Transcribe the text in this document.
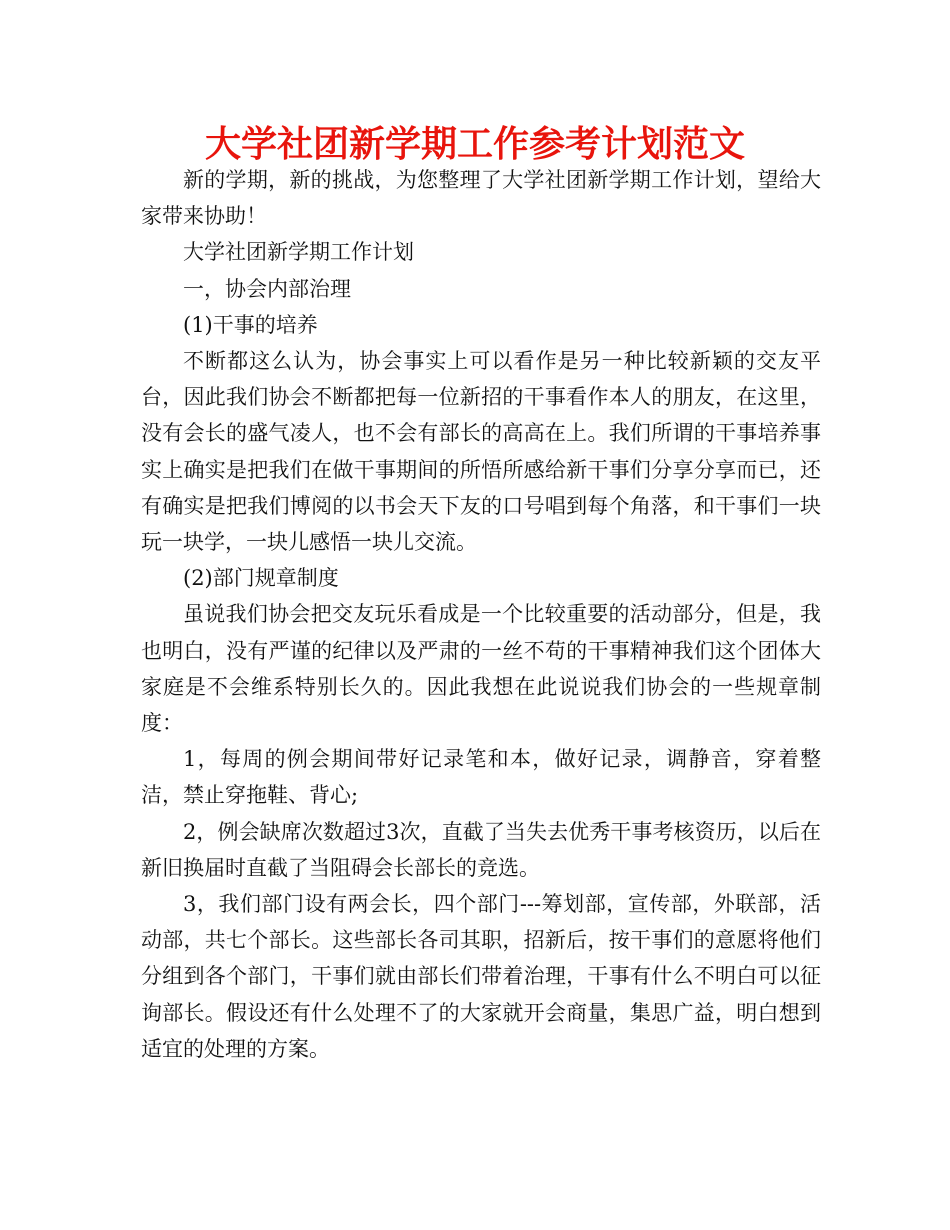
大学社团新学期工作参考计划范文

新的学期，新的挑战，为您整理了大学社团新学期工作计划，望给大家带来协助！

大学社团新学期工作计划

一，协会内部治理

(1)干事的培养

不断都这么认为，协会事实上可以看作是另一种比较新颖的交友平台，因此我们协会不断都把每一位新招的干事看作本人的朋友，在这里，没有会长的盛气凌人，也不会有部长的高高在上。我们所谓的干事培养事实上确实是把我们在做干事期间的所悟所感给新干事们分享分享而已，还有确实是把我们博阅的以书会天下友的口号唱到每个角落，和干事们一块玩一块学，一块儿感悟一块儿交流。

(2)部门规章制度

虽说我们协会把交友玩乐看成是一个比较重要的活动部分，但是，我也明白，没有严谨的纪律以及严肃的一丝不苟的干事精神我们这个团体大家庭是不会维系特别长久的。因此我想在此说说我们协会的一些规章制度：

1，每周的例会期间带好记录笔和本，做好记录，调静音，穿着整洁，禁止穿拖鞋、背心;

2，例会缺席次数超过3次，直截了当失去优秀干事考核资历，以后在新旧换届时直截了当阻碍会长部长的竞选。

3，我们部门设有两会长，四个部门---筹划部，宣传部，外联部，活动部，共七个部长。这些部长各司其职，招新后，按干事们的意愿将他们分组到各个部门，干事们就由部长们带着治理，干事有什么不明白可以征询部长。假设还有什么处理不了的大家就开会商量，集思广益，明白想到适宜的处理的方案。
